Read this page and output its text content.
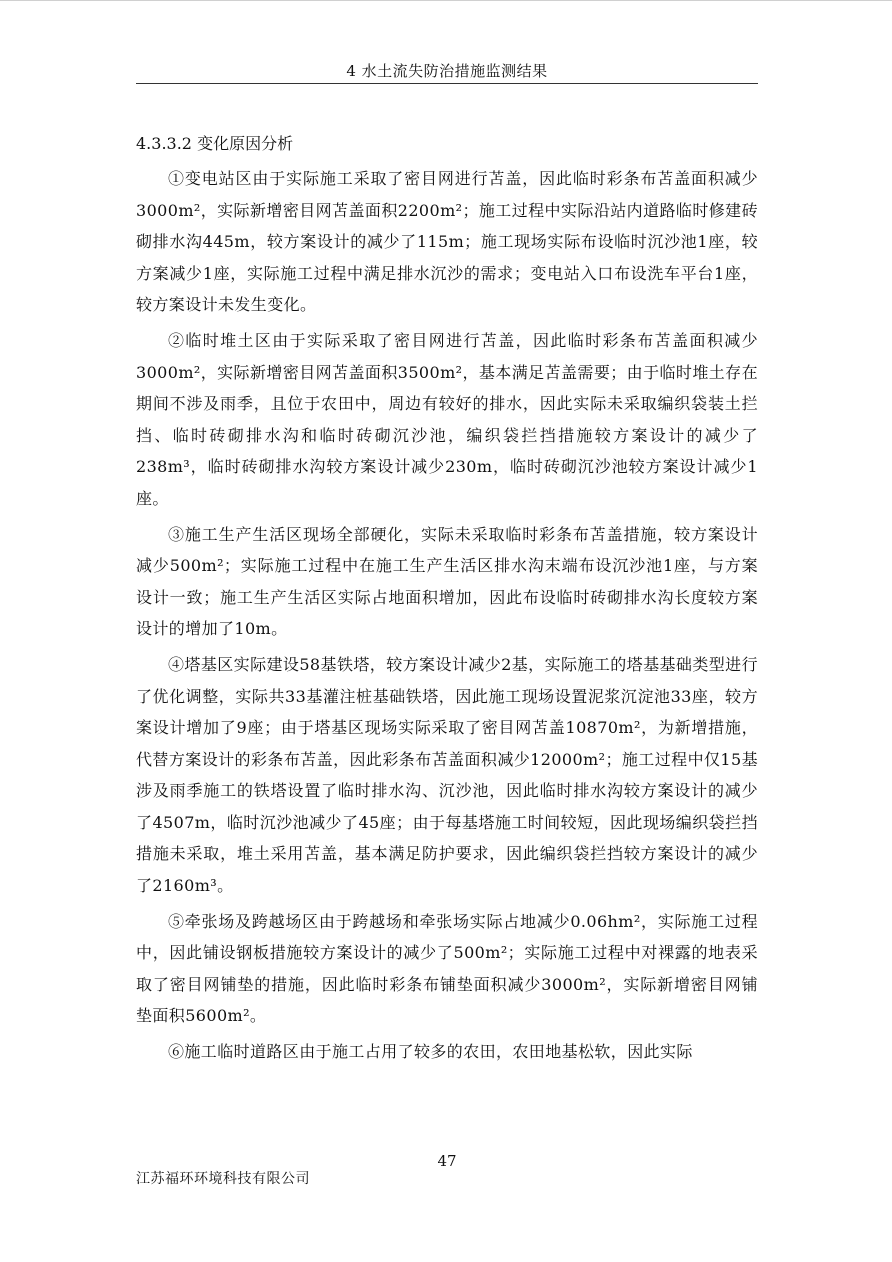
4 水土流失防治措施监测结果
4.3.3.2 变化原因分析

①变电站区由于实际施工采取了密目网进行苫盖，因此临时彩条布苫盖面积减少3000m²，实际新增密目网苫盖面积2200m²；施工过程中实际沿站内道路临时修建砖砌排水沟445m，较方案设计的减少了115m；施工现场实际布设临时沉沙池1座，较方案减少1座，实际施工过程中满足排水沉沙的需求；变电站入口布设洗车平台1座，较方案设计未发生变化。

②临时堆土区由于实际采取了密目网进行苫盖，因此临时彩条布苫盖面积减少3000m²，实际新增密目网苫盖面积3500m²，基本满足苫盖需要；由于临时堆土存在期间不涉及雨季，且位于农田中，周边有较好的排水，因此实际未采取编织袋装土拦挡、临时砖砌排水沟和临时砖砌沉沙池，编织袋拦挡措施较方案设计的减少了238m³，临时砖砌排水沟较方案设计减少230m，临时砖砌沉沙池较方案设计减少1座。

③施工生产生活区现场全部硬化，实际未采取临时彩条布苫盖措施，较方案设计减少500m²；实际施工过程中在施工生产生活区排水沟末端布设沉沙池1座，与方案设计一致；施工生产生活区实际占地面积增加，因此布设临时砖砌排水沟长度较方案设计的增加了10m。

④塔基区实际建设58基铁塔，较方案设计减少2基，实际施工的塔基基础类型进行了优化调整，实际共33基灌注桩基础铁塔，因此施工现场设置泥浆沉淀池33座，较方案设计增加了9座；由于塔基区现场实际采取了密目网苫盖10870m²，为新增措施，代替方案设计的彩条布苫盖，因此彩条布苫盖面积减少12000m²；施工过程中仅15基涉及雨季施工的铁塔设置了临时排水沟、沉沙池，因此临时排水沟较方案设计的减少了4507m，临时沉沙池减少了45座；由于每基塔施工时间较短，因此现场编织袋拦挡措施未采取，堆土采用苫盖，基本满足防护要求，因此编织袋拦挡较方案设计的减少了2160m³。

⑤牵张场及跨越场区由于跨越场和牵张场实际占地减少0.06hm²，实际施工过程中，因此铺设钢板措施较方案设计的减少了500m²；实际施工过程中对裸露的地表采取了密目网铺垫的措施，因此临时彩条布铺垫面积减少3000m²，实际新增密目网铺垫面积5600m²。

⑥施工临时道路区由于施工占用了较多的农田，农田地基松软，因此实际

47
江苏福环环境科技有限公司
